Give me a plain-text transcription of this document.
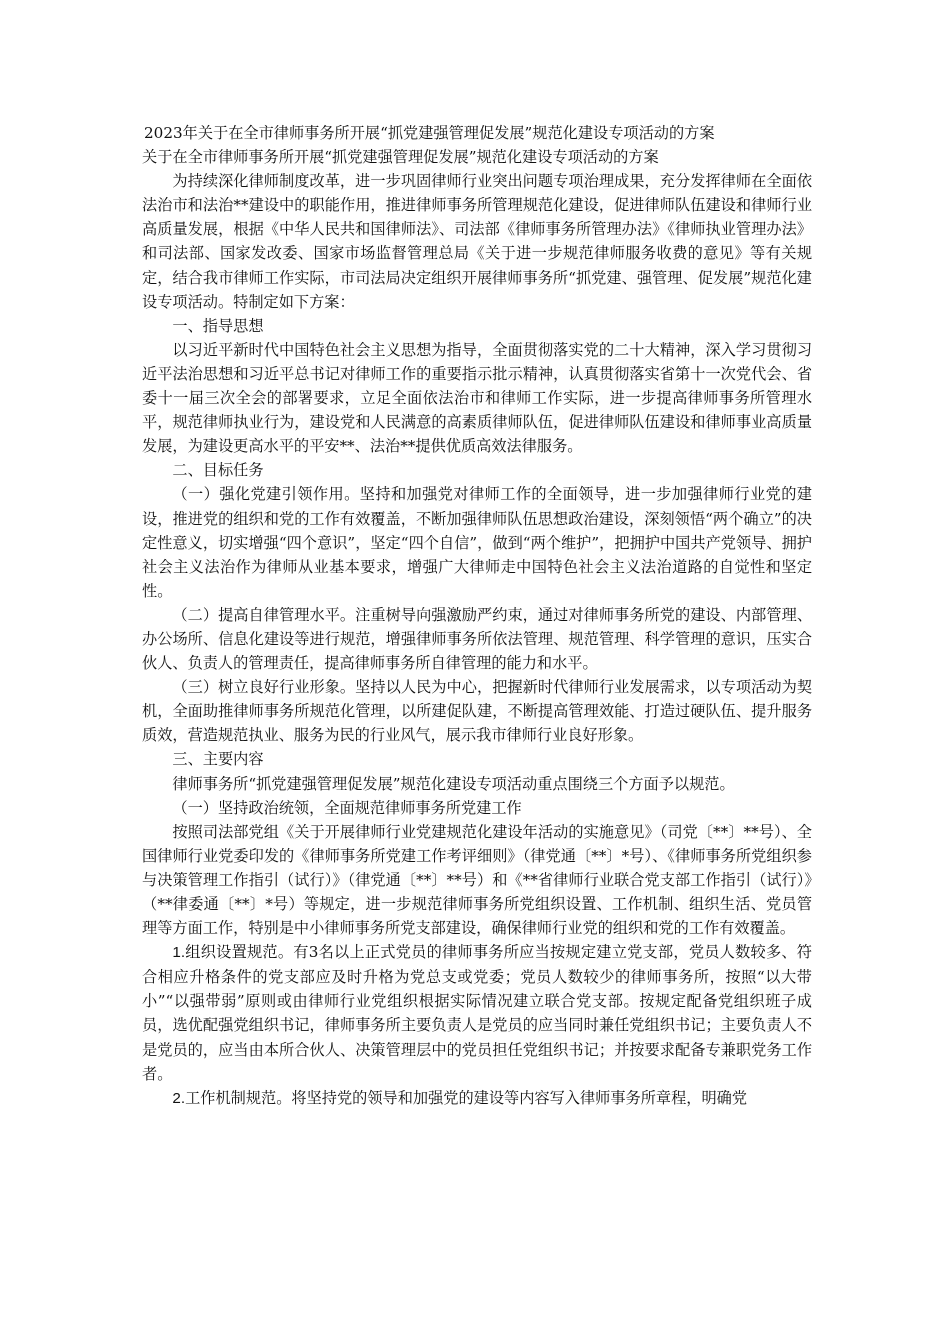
2023年关于在全市律师事务所开展“抓党建强管理促发展”规范化建设专项活动的方案

关于在全市律师事务所开展“抓党建强管理促发展”规范化建设专项活动的方案

为持续深化律师制度改革，进一步巩固律师行业突出问题专项治理成果，充分发挥律师在全面依法治市和法治**建设中的职能作用，推进律师事务所管理规范化建设，促进律师队伍建设和律师行业高质量发展，根据《中华人民共和国律师法》、司法部《律师事务所管理办法》《律师执业管理办法》和司法部、国家发改委、国家市场监督管理总局《关于进一步规范律师服务收费的意见》等有关规定，结合我市律师工作实际，市司法局决定组织开展律师事务所“抓党建、强管理、促发展”规范化建设专项活动。特制定如下方案：

一、指导思想

以习近平新时代中国特色社会主义思想为指导，全面贯彻落实党的二十大精神，深入学习贯彻习近平法治思想和习近平总书记对律师工作的重要指示批示精神，认真贯彻落实省第十一次党代会、省委十一届三次全会的部署要求，立足全面依法治市和律师工作实际，进一步提高律师事务所管理水平，规范律师执业行为，建设党和人民满意的高素质律师队伍，促进律师队伍建设和律师事业高质量发展，为建设更高水平的平安**、法治**提供优质高效法律服务。

二、目标任务

（一）强化党建引领作用。坚持和加强党对律师工作的全面领导，进一步加强律师行业党的建设，推进党的组织和党的工作有效覆盖，不断加强律师队伍思想政治建设，深刻领悟“两个确立”的决定性意义，切实增强“四个意识”，坚定“四个自信”，做到“两个维护”，把拥护中国共产党领导、拥护社会主义法治作为律师从业基本要求，增强广大律师走中国特色社会主义法治道路的自觉性和坚定性。

（二）提高自律管理水平。注重树导向强激励严约束，通过对律师事务所党的建设、内部管理、办公场所、信息化建设等进行规范，增强律师事务所依法管理、规范管理、科学管理的意识，压实合伙人、负责人的管理责任，提高律师事务所自律管理的能力和水平。

（三）树立良好行业形象。坚持以人民为中心，把握新时代律师行业发展需求，以专项活动为契机，全面助推律师事务所规范化管理，以所建促队建，不断提高管理效能、打造过硬队伍、提升服务质效，营造规范执业、服务为民的行业风气，展示我市律师行业良好形象。

三、主要内容

律师事务所“抓党建强管理促发展”规范化建设专项活动重点围绕三个方面予以规范。

（一）坚持政治统领，全面规范律师事务所党建工作

按照司法部党组《关于开展律师行业党建规范化建设年活动的实施意见》（司党〔**〕**号）、全国律师行业党委印发的《律师事务所党建工作考评细则》（律党通〔**〕*号）、《律师事务所党组织参与决策管理工作指引（试行）》（律党通〔**〕**号）和《**省律师行业联合党支部工作指引（试行）》（**律委通〔**〕*号）等规定，进一步规范律师事务所党组织设置、工作机制、组织生活、党员管理等方面工作，特别是中小律师事务所党支部建设，确保律师行业党的组织和党的工作有效覆盖。

1.组织设置规范。有3名以上正式党员的律师事务所应当按规定建立党支部，党员人数较多、符合相应升格条件的党支部应及时升格为党总支或党委；党员人数较少的律师事务所，按照“以大带小”“以强带弱”原则或由律师行业党组织根据实际情况建立联合党支部。按规定配备党组织班子成员，选优配强党组织书记，律师事务所主要负责人是党员的应当同时兼任党组织书记；主要负责人不是党员的，应当由本所合伙人、决策管理层中的党员担任党组织书记；并按要求配备专兼职党务工作者。

2.工作机制规范。将坚持党的领导和加强党的建设等内容写入律师事务所章程，明确党
